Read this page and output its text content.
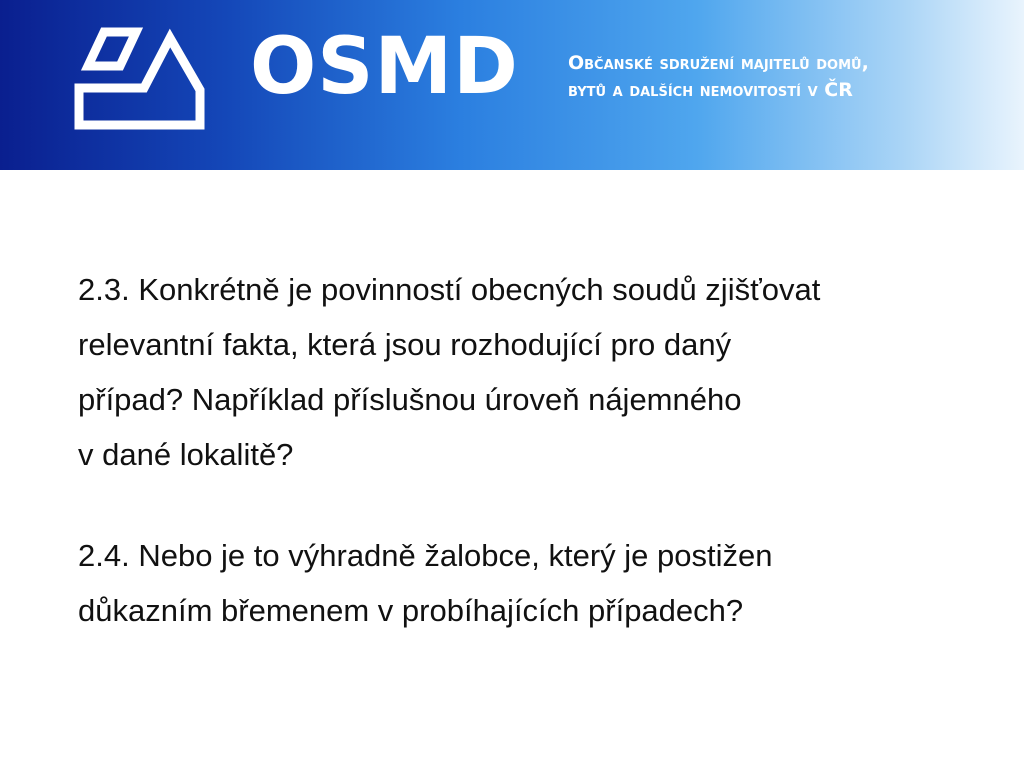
OSMD	Občanské sdružení majitelů domů,
bytů a dalších nemovitostí v ČR
2.3. Konkrétně je povinností obecných soudů zjišťovat
relevantní fakta, která jsou rozhodující pro daný
případ? Například příslušnou úroveň nájemného
v dané lokalitě?
2.4. Nebo je to výhradně žalobce, který je postižen
důkazním břemenem v probíhajících případech?
